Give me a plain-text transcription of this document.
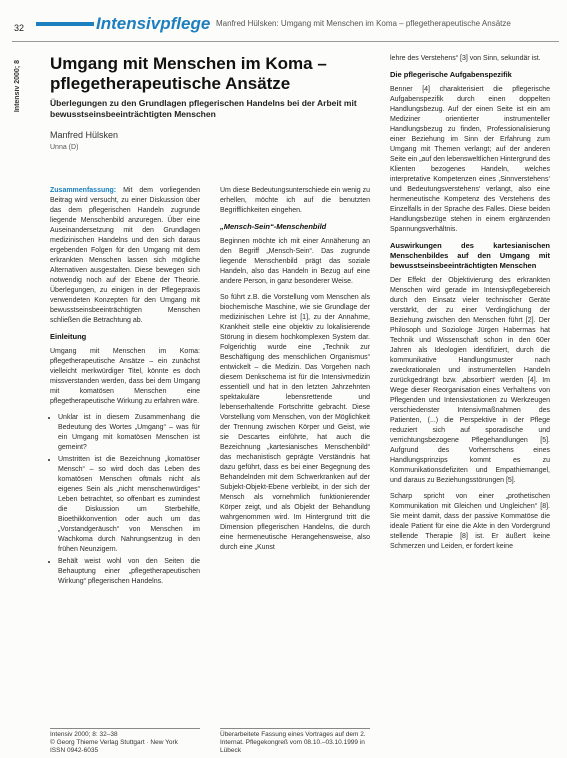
32	Intensivpflege Manfred Hülsken: Umgang mit Menschen im Koma – pflegetherapeutische Ansätze
Intensiv 2000; 8 Umgang mit Menschen im Koma – pflegetherapeutische Ansätze
Überlegungen zu den Grundlagen pflegerischen Handelns bei der Arbeit mit bewusstseinsbeeinträchtigten Menschen
Manfred Hülsken
Unna (D)

Zusammenfassung: Mit dem vorliegenden Beitrag wird versucht, zu einer Diskussion über das dem pflegerischen Handeln zugrunde liegende Menschenbild anzuregen. Über eine Auseinandersetzung mit den Grundlagen medizinischen Handelns und den sich daraus ergebenden Folgen für den Umgang mit dem erkrankten Menschen lassen sich mögliche Alternativen ausgestalten. Diese bewegen sich notwendig noch auf der Ebene der Theorie. Überlegungen, zu einigen in der Pflegepraxis verwendeten Konzepten für den Umgang mit bewusstseinsbeeinträchtigten Menschen schließen die Betrachtung ab.

Einleitung

Umgang mit Menschen im Koma: pflegetherapeutische Ansätze – ein zunächst vielleicht merkwürdiger Titel, könnte es doch missverstanden werden, dass bei dem Umgang mit komatösen Menschen eine pflegetherapeutische Wirkung zu erfahren wäre.

• Unklar ist in diesem Zusammenhang die Bedeutung des Wortes „Umgang“ – was für ein Umgang mit komatösen Menschen ist gemeint?
• Umstritten ist die Bezeichnung „komatöser Mensch“ – so wird doch das Leben des komatösen Menschen oftmals nicht als eigenes Sein als „nicht menschenwürdiges“ Leben betrachtet, so offenbart es zumindest die Diskussion um Sterbehilfe, Bioethikkonvention oder auch um das „Vorstandgeräusch“ von Menschen im Wachkoma durch Nahrungsentzug in den frühen Neunzigern.
• Behält weist wohl von den Seiten die Behauptung einer „pflegetherapeutischen Wirkung“ pflegerischen Handelns.

Um diese Bedeutungsunterschiede ein wenig zu erhellen, möchte ich auf die benutzten Begrifflichkeiten eingehen.

„Mensch-Sein“-Menschenbild

Beginnen möchte ich mit einer Annäherung an den Begriff „Mensch-Sein“. Das zugrunde liegende Menschenbild prägt das soziale Handeln, also das Handeln in Bezug auf eine andere Person, in ganz besonderer Weise.

So führt z.B. die Vorstellung vom Menschen als biochemische Maschine, wie sie Grundlage der medizinischen Lehre ist [1], zu der Annahme, Krankheit stelle eine objektiv zu lokalisierende Störung in diesem hochkomplexen System dar. Folgerichtig wurde eine „Technik zur Beschäftigung des menschlichen Organismus“ entwickelt – die Medizin. Das Vorgehen nach diesem Denkschema ist für die Intensivmedizin essentiell und hat in den letzten Jahrzehnten spektakuläre lebensrettende und lebenserhaltende Fortschritte gebracht. Diese Vorstellung vom Menschen, von der Möglichkeit der Trennung zwischen Körper und Geist, wie sie Descartes einführte, hat auch die Bezeichnung „kartesianisches Menschenbild“ das mechanistisch geprägte Verständnis hat dazu geführt, dass es bei einer Begegnung des Behandelnden mit dem Schwerkranken auf der Subjekt-Objekt-Ebene verbleibt, in der sich der Mensch als vornehmlich funktionierender Körper zeigt, und als Objekt der Behandlung wahrgenommen wird. Im Hintergrund tritt die Dimension pflegerischen Handelns, die durch eine hermeneutische Herangehensweise, also durch eine „Kunst

lehre des Verstehens“ [3] von Sinn, sekundär ist.

Die pflegerische Aufgabenspezifik

Benner [4] charakterisiert die pflegerische Aufgabenspezifik durch einen doppelten Handlungsbezug. Auf der einen Seite ist ein am Mediziner orientierter instrumenteller Handlungsbezug zu finden, Professionalisierung einer Beziehung im Sinn der Erfahrung zum Umgang mit Themen verlangt; auf der anderen Seite ein „auf den lebensweltlichen Hintergrund des Klienten bezogenes Handeln, welches interpretative Kompetenzen eines ‚Sinnverstehens‘ und Bedeutungsverstehens‘ verlangt, also eine hermeneutische Kompetenz des Verstehens des Einzelfalls in der Sprache des Falles. Diese beiden Handlungsbezüge stehen in einem ergänzenden Spannungsverhältnis.

Auswirkungen des kartesianischen Menschenbildes auf den Umgang mit bewusstseinsbeeinträchtigten Menschen

Der Effekt der Objektivierung des erkrankten Menschen wird gerade im Intensivpflegebereich durch den Einsatz vieler technischer Geräte verstärkt, der zu einer Verdinglichung der Beziehung zwischen den Menschen führt [2]. Der Philosoph und Soziologe Jürgen Habermas hat Technik und Wissenschaft schon in den 60er Jahren als Ideologien identifiziert, durch die kommunikative Handlungsmuster nach zweckrationalen und instrumentellen Handeln zurückgedrängt bzw. ‚absorbiert‘ werden [4]. Im Wege dieser Reorganisation eines Verhaltens von Pflegenden und Intensivstationen zu Werkzeugen verschiedenster Intensivmaßnahmen des Patienten, (...) die Perspektive in der Pflege reduziert sich auf sporadische und verrichtungsbezogene Pflegehandlungen [5]. Aufgrund des Vorherrschens eines Handlungsprinzips kommt es zu Kommunikationsdefiziten und Empathiemangel, und daraus zu Beziehungsstörungen [5].

Scharp spricht von einer „prothetischen Kommunikation mit Gleichen und Ungleichen“ [8]. Sie meint damit, dass der passive Kommatöse die ideale Patient für eine die Akte in den Vordergrund stellende Therapie [8] ist. Er äußert keine Schmerzen und Leiden, er fordert keine

Intensiv 2000; 8: 32–38
© Georg Thieme Verlag Stuttgart · New York
ISSN 0942-6035
Überarbeitete Fassung eines Vortrages auf dem 2. Internat. Pflegekongreß vom 08.10.–03.10.1999 in Lübeck
